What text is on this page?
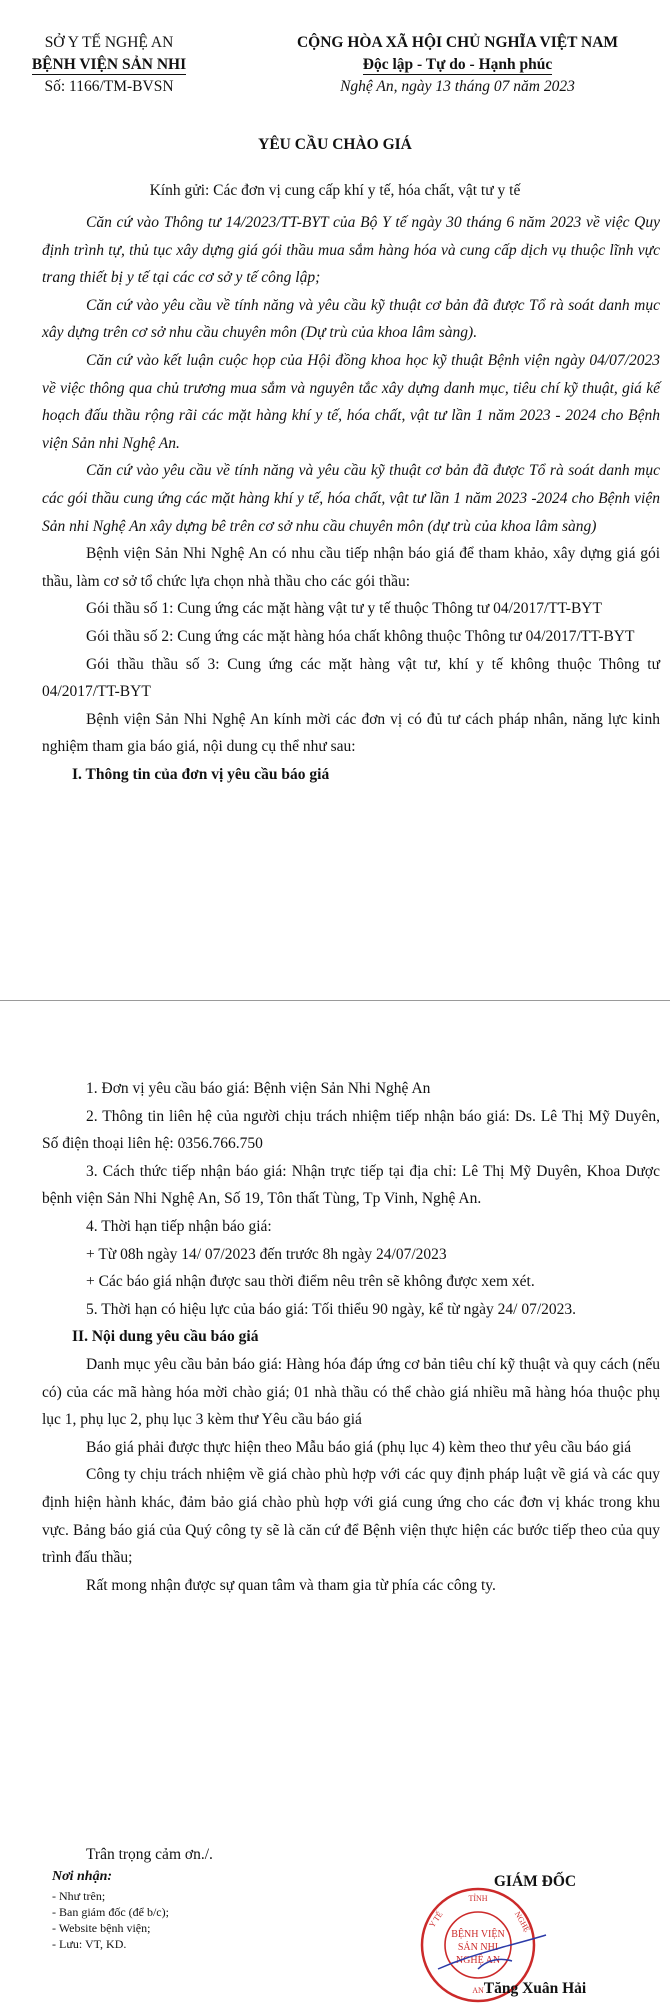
SỞ Y TẾ NGHỆ AN
BỆNH VIỆN SẢN NHI
Số: 1166/TM-BVSN
CỘNG HÒA XÃ HỘI CHỦ NGHĨA VIỆT NAM
Độc lập - Tự do - Hạnh phúc
Nghệ An, ngày 13 tháng 07 năm 2023
YÊU CẦU CHÀO GIÁ
Kính gửi: Các đơn vị cung cấp khí y tế, hóa chất, vật tư y tế

Căn cứ vào Thông tư 14/2023/TT-BYT của Bộ Y tế ngày 30 tháng 6 năm 2023 về việc Quy định trình tự, thủ tục xây dựng giá gói thầu mua sắm hàng hóa và cung cấp dịch vụ thuộc lĩnh vực trang thiết bị y tế tại các cơ sở y tế công lập;

Căn cứ vào yêu cầu về tính năng và yêu cầu kỹ thuật cơ bản đã được Tổ rà soát danh mục xây dựng trên cơ sở nhu cầu chuyên môn (Dự trù của khoa lâm sàng).

Căn cứ vào kết luận cuộc họp của Hội đồng khoa học kỹ thuật Bệnh viện ngày 04/07/2023 về việc thông qua chủ trương mua sắm và nguyên tắc xây dựng danh mục, tiêu chí kỹ thuật, giá kế hoạch đấu thầu rộng rãi các mặt hàng khí y tế, hóa chất, vật tư lần 1 năm 2023 - 2024 cho Bệnh viện Sản nhi Nghệ An.

Căn cứ vào yêu cầu về tính năng và yêu cầu kỹ thuật cơ bản đã được Tổ rà soát danh mục các gói thầu cung ứng các mặt hàng khí y tế, hóa chất, vật tư lần 1 năm 2023 -2024 cho Bệnh viện Sản nhi Nghệ An xây dựng bê trên cơ sở nhu cầu chuyên môn (dự trù của khoa lâm sàng)

Bệnh viện Sản Nhi Nghệ An có nhu cầu tiếp nhận báo giá để tham khảo, xây dựng giá gói thầu, làm cơ sở tổ chức lựa chọn nhà thầu cho các gói thầu:

Gói thầu số 1: Cung ứng các mặt hàng vật tư y tế thuộc Thông tư 04/2017/TT-BYT

Gói thầu số 2: Cung ứng các mặt hàng hóa chất không thuộc Thông tư 04/2017/TT-BYT

Gói thầu thầu số 3: Cung ứng các mặt hàng vật tư, khí y tế không thuộc Thông tư 04/2017/TT-BYT

Bệnh viện Sản Nhi Nghệ An kính mời các đơn vị có đủ tư cách pháp nhân, năng lực kinh nghiệm tham gia báo giá, nội dung cụ thể như sau:

I. Thông tin của đơn vị yêu cầu báo giá

1. Đơn vị yêu cầu báo giá: Bệnh viện Sản Nhi Nghệ An

2. Thông tin liên hệ của người chịu trách nhiệm tiếp nhận báo giá: Ds. Lê Thị Mỹ Duyên, Số điện thoại liên hệ: 0356.766.750

3. Cách thức tiếp nhận báo giá: Nhận trực tiếp tại địa chỉ: Lê Thị Mỹ Duyên, Khoa Dược bệnh viện Sản Nhi Nghệ An, Số 19, Tôn thất Tùng, Tp Vinh, Nghệ An.

4. Thời hạn tiếp nhận báo giá:

+ Từ 08h ngày 14/ 07/2023 đến trước 8h ngày 24/07/2023

+ Các báo giá nhận được sau thời điểm nêu trên sẽ không được xem xét.

5. Thời hạn có hiệu lực của báo giá: Tối thiểu 90 ngày, kể từ ngày 24/ 07/2023.

II. Nội dung yêu cầu báo giá

Danh mục yêu cầu bản báo giá: Hàng hóa đáp ứng cơ bản tiêu chí kỹ thuật và quy cách (nếu có) của các mã hàng hóa mời chào giá; 01 nhà thầu có thể chào giá nhiều mã hàng hóa thuộc phụ lục 1, phụ lục 2, phụ lục 3 kèm thư Yêu cầu báo giá

Báo giá phải được thực hiện theo Mẫu báo giá (phụ lục 4) kèm theo thư yêu cầu báo giá

Công ty chịu trách nhiệm về giá chào phù hợp với các quy định pháp luật về giá và các quy định hiện hành khác, đảm bảo giá chào phù hợp với giá cung ứng cho các đơn vị khác trong khu vực. Bảng báo giá của Quý công ty sẽ là căn cứ để Bệnh viện thực hiện các bước tiếp theo của quy trình đấu thầu;

Rất mong nhận được sự quan tâm và tham gia từ phía các công ty.

Trân trọng cảm ơn./.
Nơi nhận:
- Như trên;
- Ban giám đốc (để b/c);
- Website bệnh viện;
- Lưu: VT, KD.
TỈNH
Y TẾ	NGHỆ
BỆNH VIỆN
SẢN NHI
NGHỆ AN
AN
GIÁM ĐỐC
Tăng Xuân Hải
